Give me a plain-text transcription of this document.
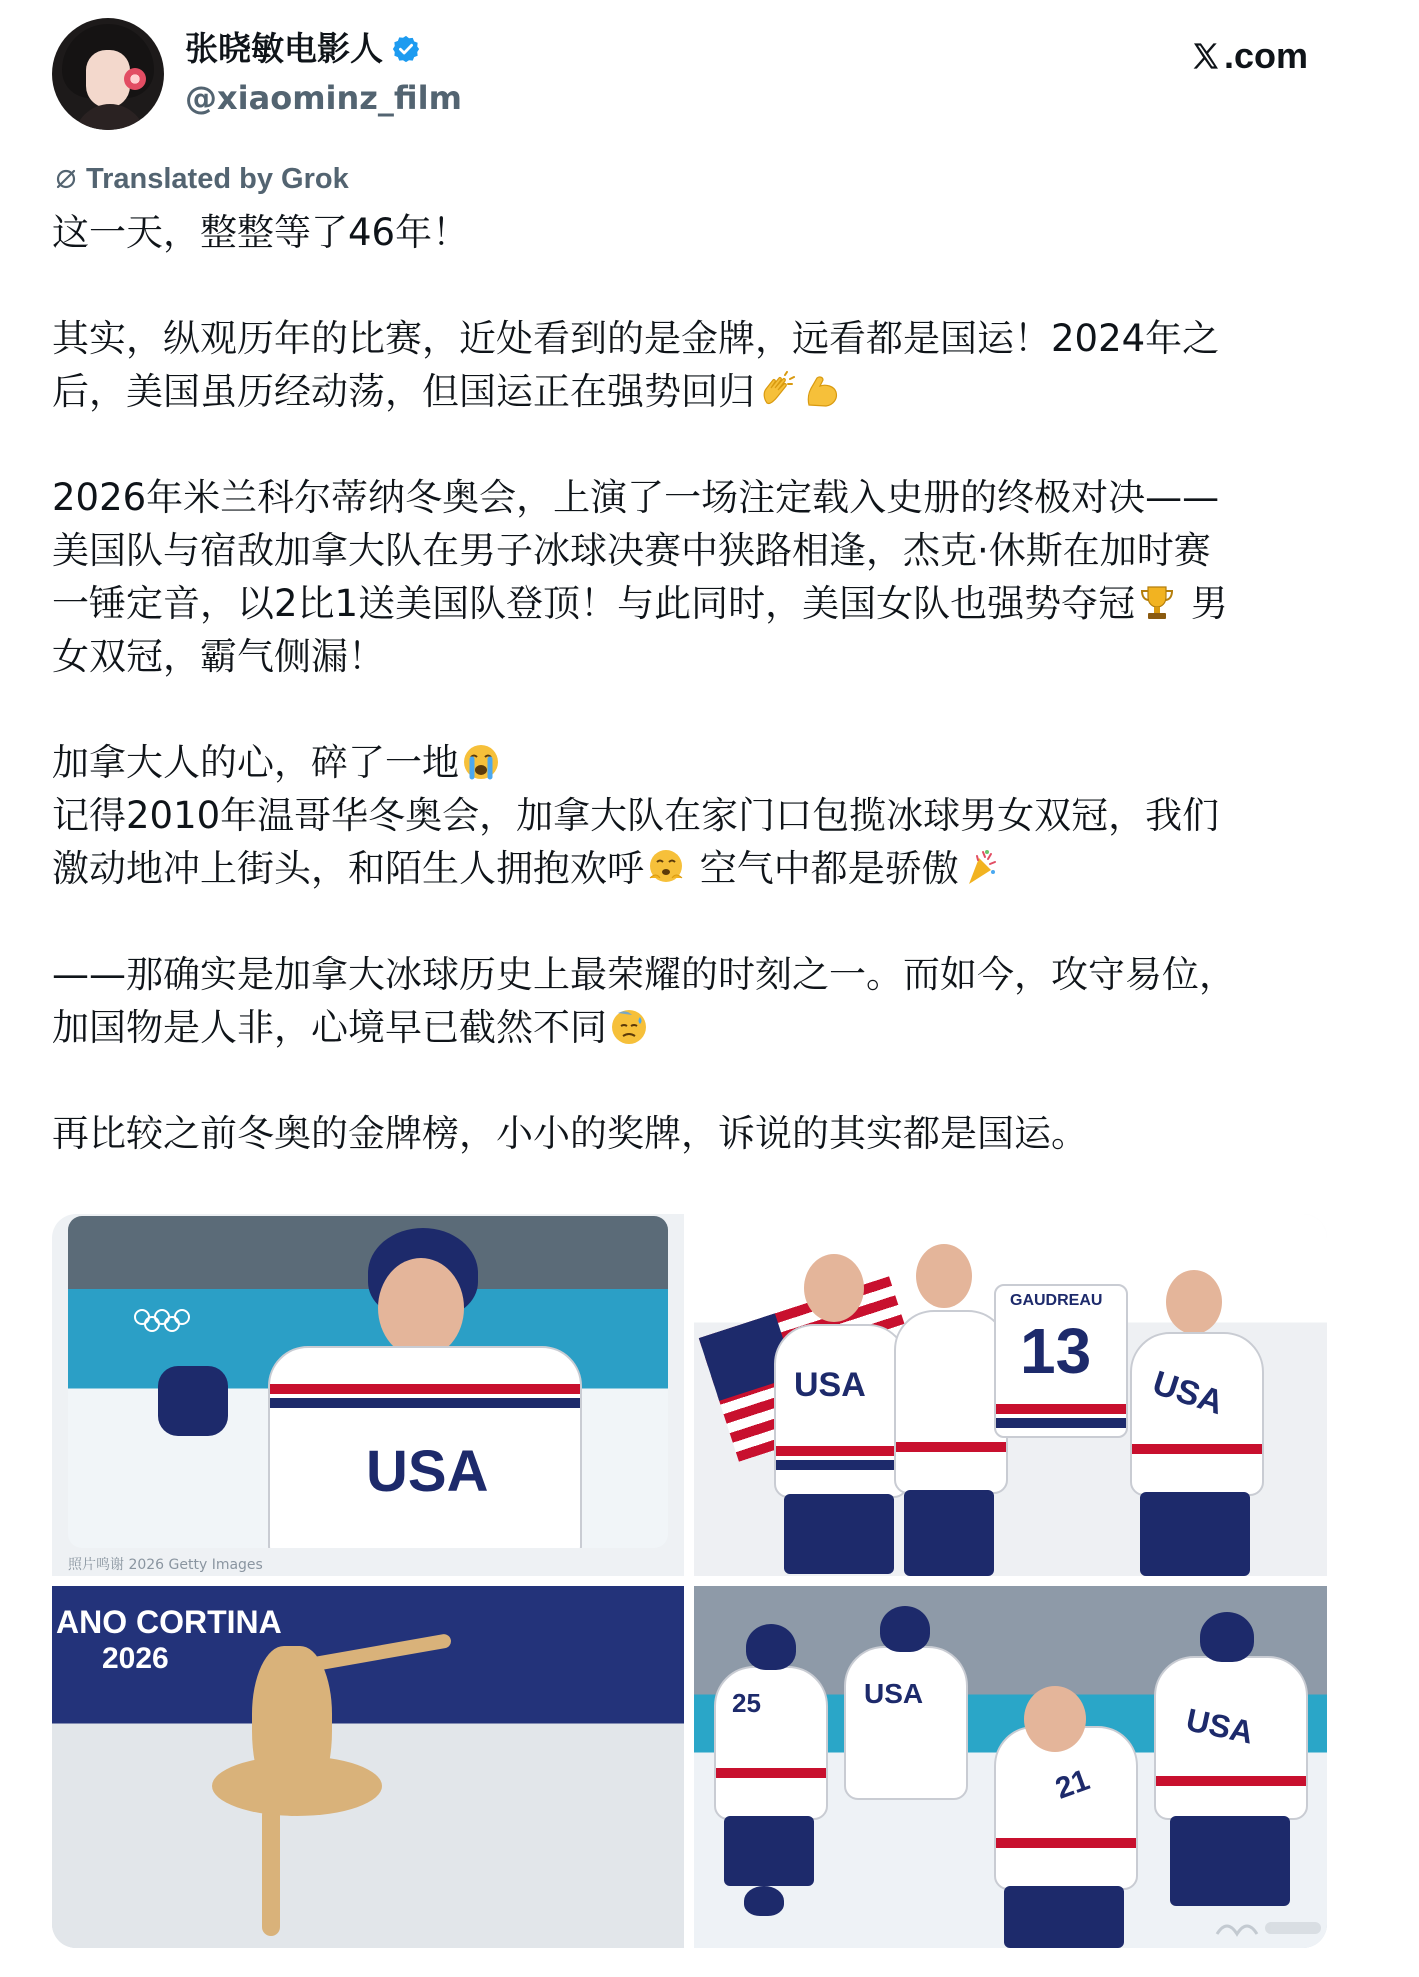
张晓敏电影人
@xiaominz_film
.com
Translated by Grok

这一天，整整等了46年！

其实，纵观历年的比赛，近处看到的是金牌，远看都是国运！2024年之
后，美国虽历经动荡，但国运正在强势回归

2026年米兰科尔蒂纳冬奥会，上演了一场注定载入史册的终极对决——
美国队与宿敌加拿大队在男子冰球决赛中狭路相逢，杰克·休斯在加时赛
一锤定音，以2比1送美国队登顶！与此同时，美国女队也强势夺冠 男
女双冠，霸气侧漏！

加拿大人的心，碎了一地
记得2010年温哥华冬奥会，加拿大队在家门口包揽冰球男女双冠，我们
激动地冲上街头，和陌生人拥抱欢呼 空气中都是骄傲

——那确实是加拿大冰球历史上最荣耀的时刻之一。而如今，攻守易位，
加国物是人非，心境早已截然不同

再比较之前冬奥的金牌榜，小小的奖牌，诉说的其实都是国运。

USA
照片鸣谢 2026 Getty Images
USA
GAUDREAU
13
USA
ANO CORTINA
2026
25	USA
21
USA
